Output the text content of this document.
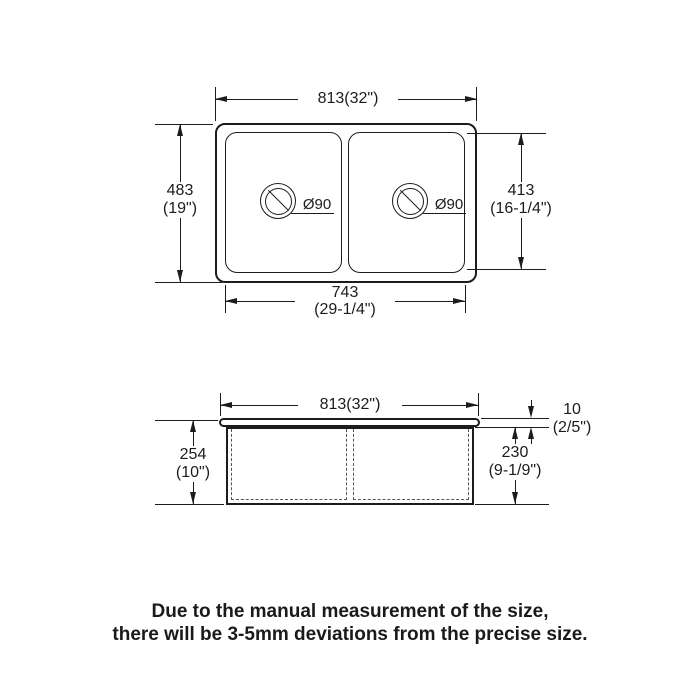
813(32")
Ø90	Ø90
483
(19")
413
(16-1/4")
743
(29-1/4")
813(32")
254
(10")
10
(2/5")
230
(9-1/9")
Due to the manual measurement of the size,
there will be 3-5mm deviations from the precise size.
